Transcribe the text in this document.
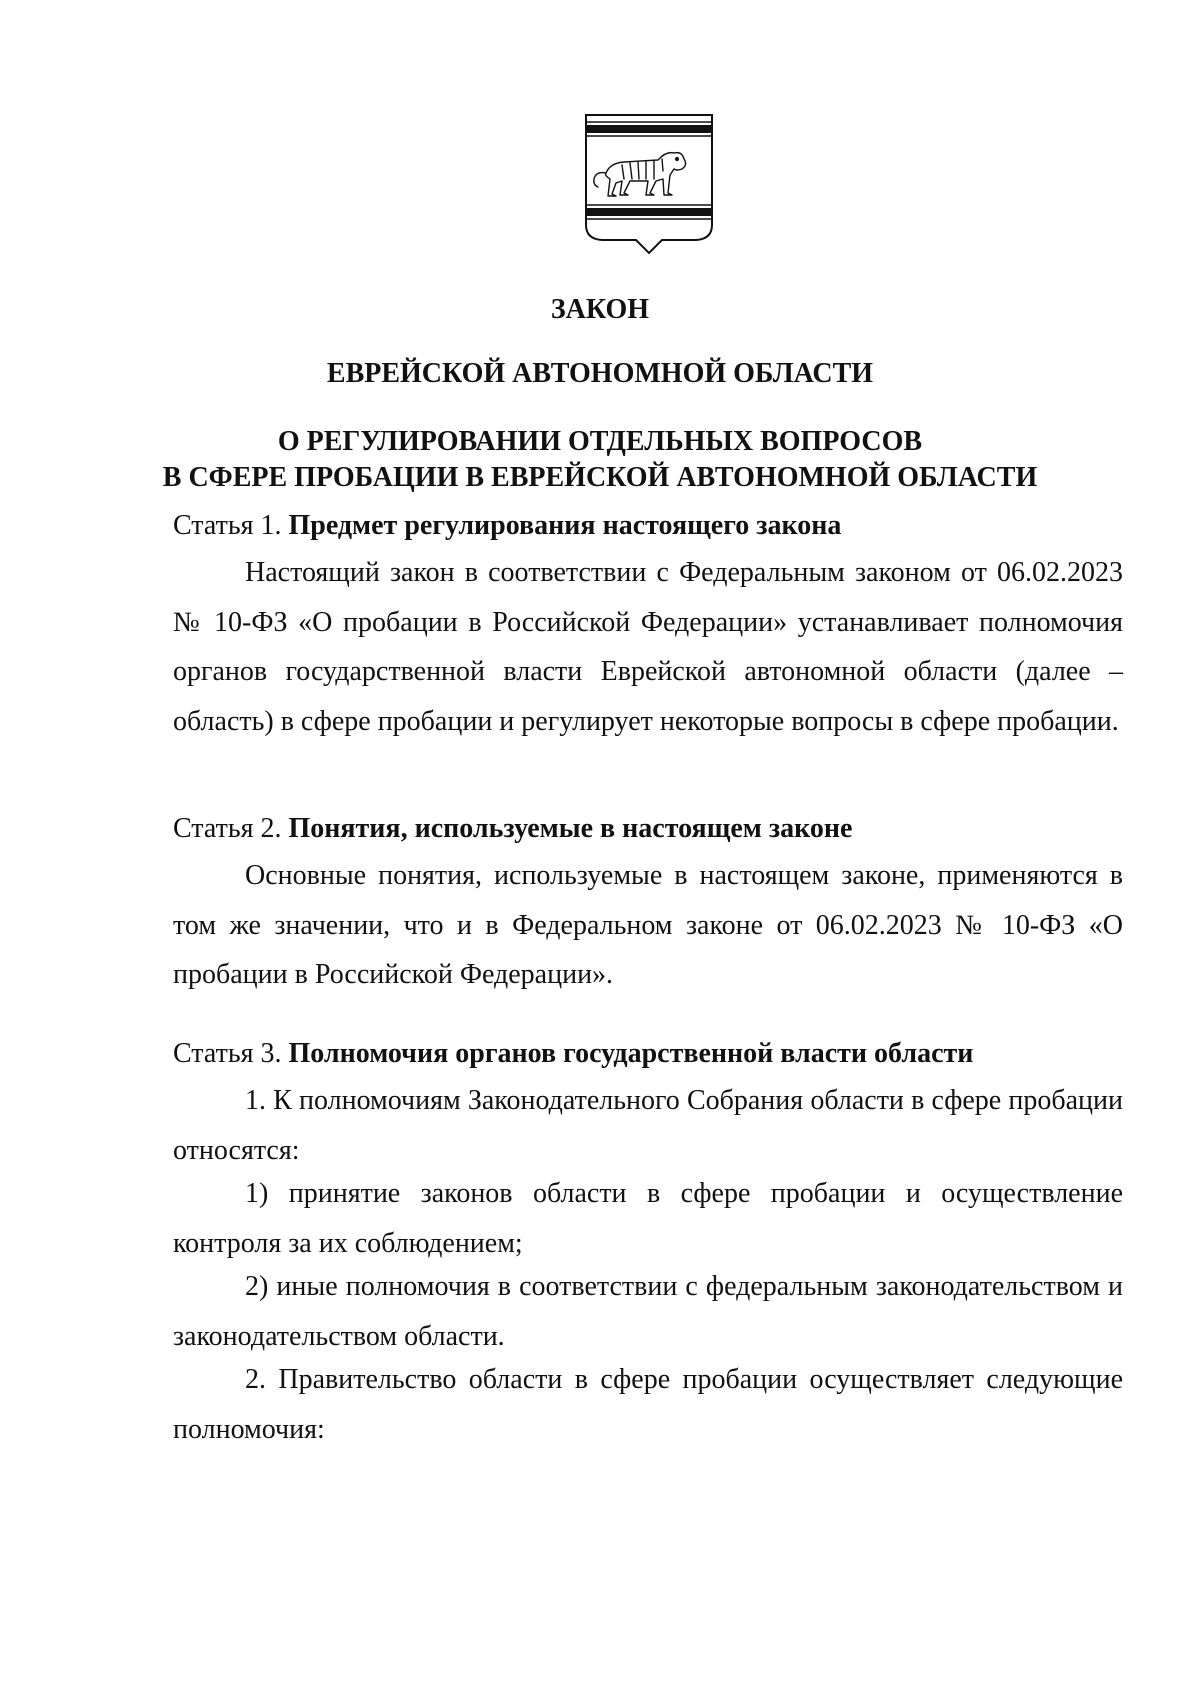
ЗАКОН
ЕВРЕЙСКОЙ АВТОНОМНОЙ ОБЛАСТИ
О РЕГУЛИРОВАНИИ ОТДЕЛЬНЫХ ВОПРОСОВ
В СФЕРЕ ПРОБАЦИИ В ЕВРЕЙСКОЙ АВТОНОМНОЙ ОБЛАСТИ

Статья 1. Предмет регулирования настоящего закона

Настоящий закон в соответствии с Федеральным законом от 06.02.2023 № 10-ФЗ «О пробации в Российской Федерации» устанавливает полномочия органов государственной власти Еврейской автономной области (далее – область) в сфере пробации и регулирует некоторые вопросы в сфере пробации.

Статья 2. Понятия, используемые в настоящем законе

Основные понятия, используемые в настоящем законе, применяются в том же значении, что и в Федеральном законе от 06.02.2023 № 10-ФЗ «О пробации в Российской Федерации».

Статья 3. Полномочия органов государственной власти области

1. К полномочиям Законодательного Собрания области в сфере пробации относятся:

1) принятие законов области в сфере пробации и осуществление контроля за их соблюдением;

2) иные полномочия в соответствии с федеральным законодательством и законодательством области.

2. Правительство области в сфере пробации осуществляет следующие полномочия:
